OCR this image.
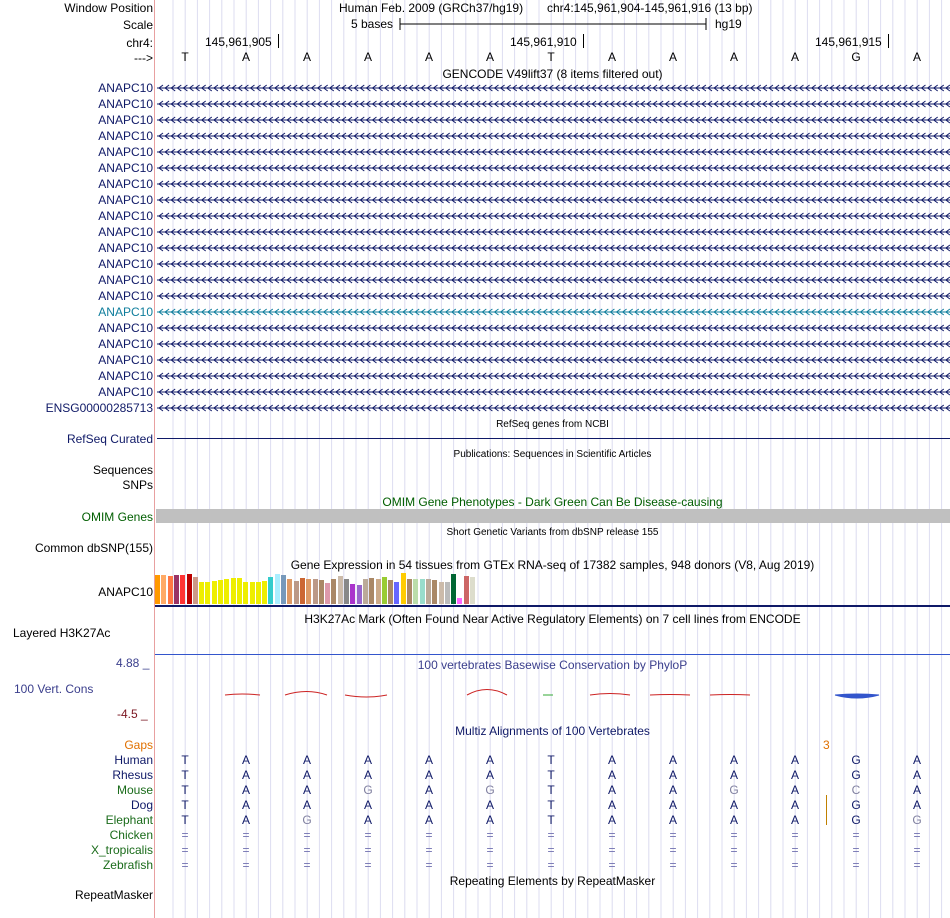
Window Position
Scale
chr4:
--->
Human Feb. 2009 (GRCh37/hg19) chr4:145,961,904-145,961,916 (13 bp)
5 bases	hg19
145,961,905	145,961,910	145,961,915
T	A	A	A	A	A	T	A	A	A	A	G	A
GENCODE V49lift37 (8 items filtered out)
ANAPC10
ANAPC10
ANAPC10
ANAPC10
ANAPC10
ANAPC10
ANAPC10
ANAPC10
ANAPC10
ANAPC10
ANAPC10
ANAPC10
ANAPC10
ANAPC10
ANAPC10
ANAPC10
ANAPC10
ANAPC10
ANAPC10
ANAPC10
ENSG00000285713
RefSeq genes from NCBI
RefSeq Curated
Publications: Sequences in Scientific Articles
Sequences
SNPs
OMIM Gene Phenotypes - Dark Green Can Be Disease-causing
OMIM Genes
Short Genetic Variants from dbSNP release 155
Common dbSNP(155)
Gene Expression in 54 tissues from GTEx RNA-seq of 17382 samples, 948 donors (V8, Aug 2019)
ANAPC10
H3K27Ac Mark (Often Found Near Active Regulatory Elements) on 7 cell lines from ENCODE
Layered H3K27Ac
100 vertebrates Basewise Conservation by PhyloP
4.88 _
100 Vert. Cons
-4.5 _
Multiz Alignments of 100 Vertebrates
Gaps	3
Human	T	A	A	A	A	A	T	A	A	A	A	G	A
Rhesus	T	A	A	A	A	A	T	A	A	A	A	G	A
Mouse	T	A	A	G	A	G	T	A	A	G	A	C	A
Dog	T	A	A	A	A	A	T	A	A	A	A	G	A
Elephant	T	A	G	A	A	A	T	A	A	A	A	G	G
Chicken	=	=	=	=	=	=	=	=	=	=	=	=	=
X_tropicalis	=	=	=	=	=	=	=	=	=	=	=	=	=
Zebrafish	=	=	=	=	=	=	=	=	=	=	=	=	=
Repeating Elements by RepeatMasker
RepeatMasker
